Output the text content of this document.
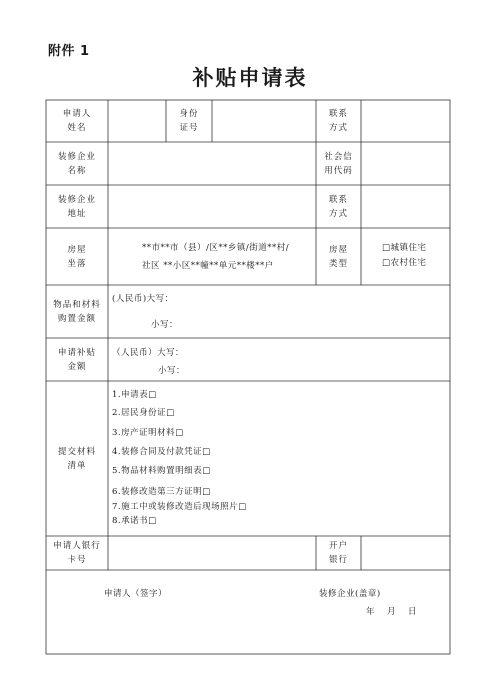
附件 1
补贴申请表
申请人
姓名
身份
证号
联系
方式
装修企业
名称
社会信
用代码
装修企业
地址
联系
方式
房屋
坐落
**市**市（县）/区**乡镇/街道**村/
社区 **小区**幢**单元**楼**户
房屋
类型
□城镇住宅
□农村住宅
物品和材料
购置金额
(人民币)大写：
小写：
申请补贴
金额
（人民币）大写：
小写：
提交材料
清单
1.申请表□
2.居民身份证□
3.房产证明材料□
4.装修合同及付款凭证□
5.物品材料购置明细表□
6.装修改造第三方证明□
7.施工中或装修改造后现场照片□
8.承诺书□
申请人银行
卡号
开户
银行
申请人（签字）	装修企业(盖章)
年　月　日
